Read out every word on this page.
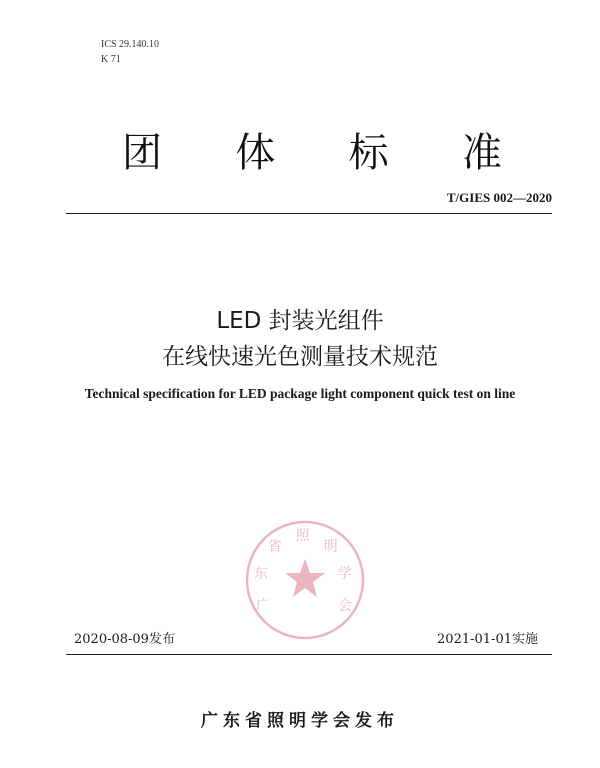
ICS 29.140.10
K 71
团 体 标 准
T/GIES 002—2020
LED 封装光组件
在线快速光色测量技术规范
Technical specification for LED package light component quick test on line
广 东 省 照 明 学 会
2020-08-09发布	2021-01-01实施
广东省照明学会发布
